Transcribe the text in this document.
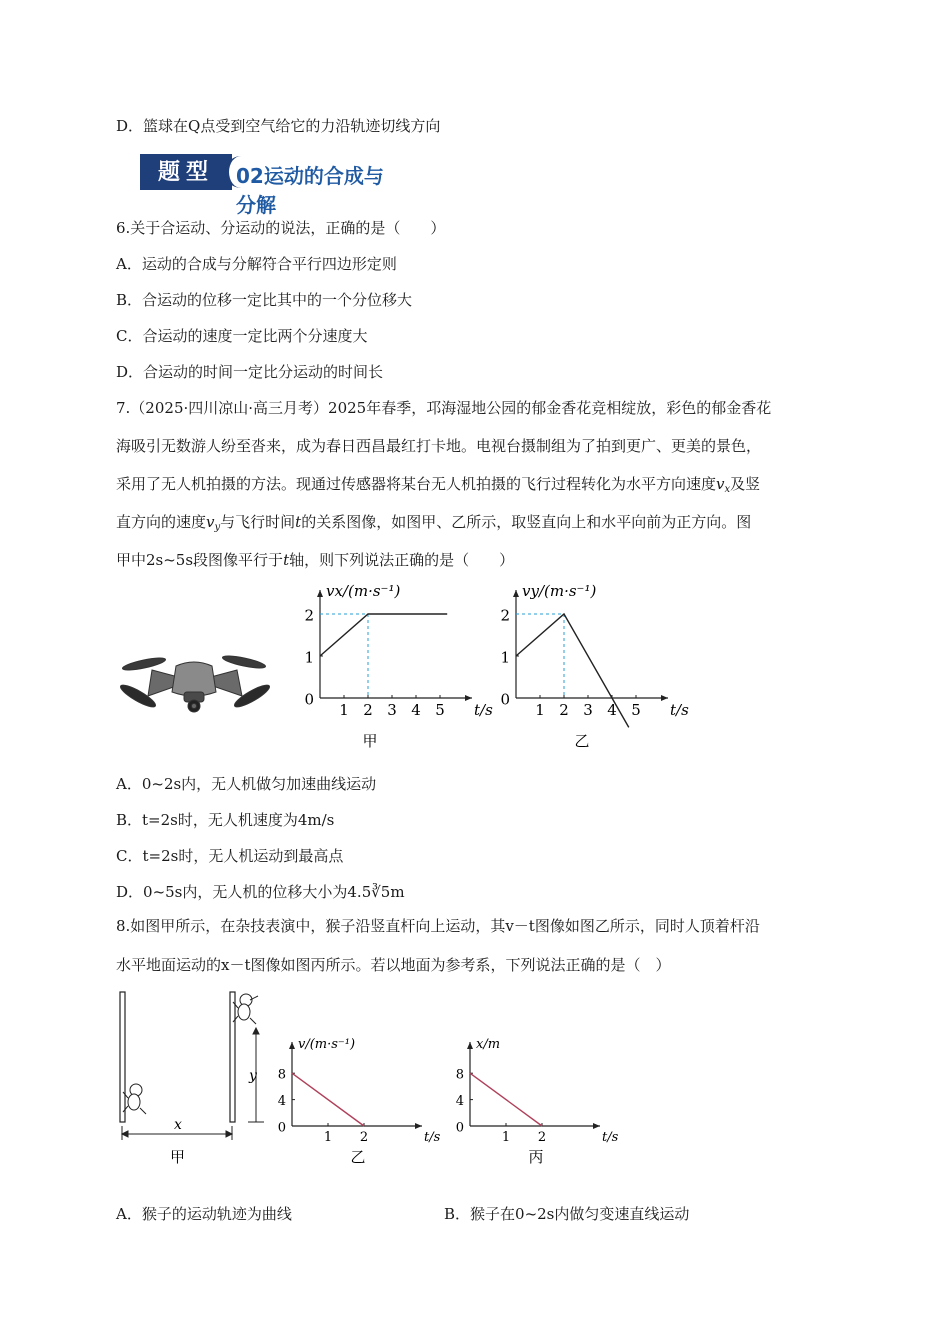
D．篮球在Q点受到空气给它的力沿轨迹切线方向
题型	02运动的合成与分解
6.关于合运动、分运动的说法，正确的是（　　）
A．运动的合成与分解符合平行四边形定则
B．合运动的位移一定比其中的一个分位移大
C．合运动的速度一定比两个分速度大
D．合运动的时间一定比分运动的时间长
7.（2025·四川凉山·高三月考）2025年春季，邛海湿地公园的郁金香花竞相绽放，彩色的郁金香花
海吸引无数游人纷至沓来，成为春日西昌最红打卡地。电视台摄制组为了拍到更广、更美的景色，
采用了无人机拍摄的方法。现通过传感器将某台无人机拍摄的飞行过程转化为水平方向速度$v_x$及竖
直方向的速度$v_y$与飞行时间t的关系图像，如图甲、乙所示，取竖直向上和水平向前为正方向。图
甲中2s~5s段图像平行于t轴，则下列说法正确的是（　　）
1 2 3 4 5
0
1
2
vx/(m·s⁻¹)
t/s
甲
1 2 3 4 5
0
1
2
vy/(m·s⁻¹)
t/s
乙
A．0~2s内，无人机做匀加速曲线运动
B．t=2s时，无人机速度为4m/s
C．t=2s时，无人机运动到最高点
D．0~5s内，无人机的位移大小为4.5∛5m
8.如图甲所示，在杂技表演中，猴子沿竖直杆向上运动，其v－t图像如图乙所示，同时人顶着杆沿
水平地面运动的x－t图像如图丙所示。若以地面为参考系，下列说法正确的是（　）
y
x
甲
1 2
0
4
8
v/(m·s⁻¹)
t/s
乙
1 2
0
4
8
x/m
t/s
丙
A．猴子的运动轨迹为曲线	B．猴子在0~2s内做匀变速直线运动
